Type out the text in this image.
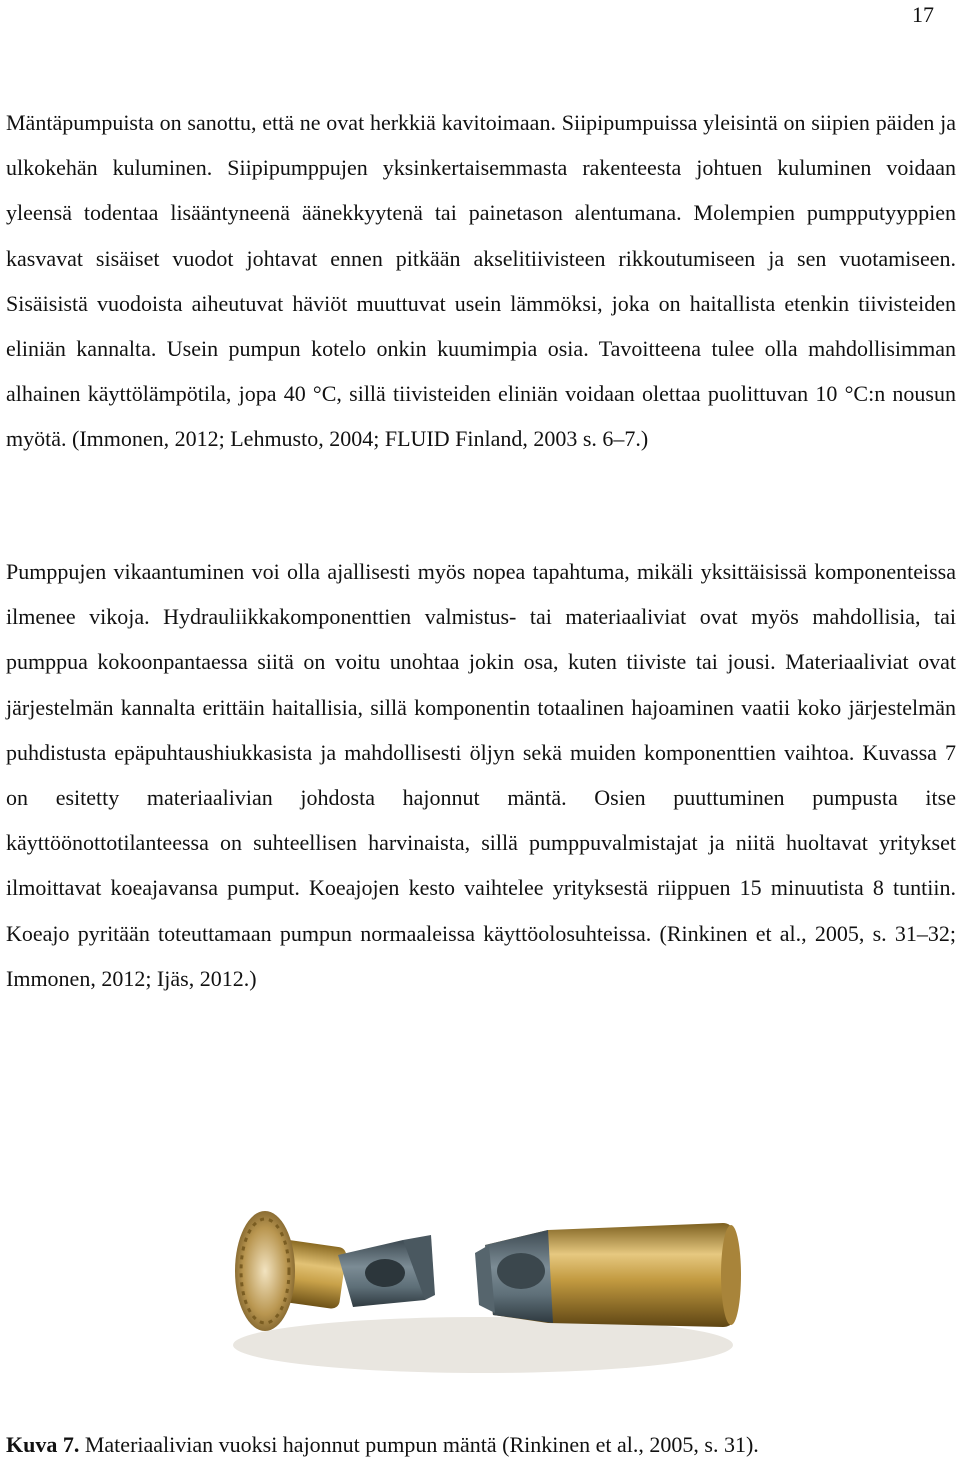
17

Mäntäpumpuista on sanottu, että ne ovat herkkiä kavitoimaan. Siipipumpuissa yleisintä on siipien päiden ja ulkokehän kuluminen. Siipipumppujen yksinkertaisemmasta rakenteesta johtuen kuluminen voidaan yleensä todentaa lisääntyneenä äänekkyytenä tai painetason alentumana. Molempien pumpputyyppien kasvavat sisäiset vuodot johtavat ennen pitkään akselitiivisteen rikkoutumiseen ja sen vuotamiseen. Sisäisistä vuodoista aiheutuvat häviöt muuttuvat usein lämmöksi, joka on haitallista etenkin tiivisteiden eliniän kannalta. Usein pumpun kotelo onkin kuumimpia osia. Tavoitteena tulee olla mahdollisimman alhainen käyttölämpötila, jopa 40 °C, sillä tiivisteiden eliniän voidaan olettaa puolittuvan 10 °C:n nousun myötä. (Immonen, 2012; Lehmusto, 2004; FLUID Finland, 2003 s. 6–7.)

Pumppujen vikaantuminen voi olla ajallisesti myös nopea tapahtuma, mikäli yksittäisissä komponenteissa ilmenee vikoja. Hydrauliikkakomponenttien valmistus- tai materiaaliviat ovat myös mahdollisia, tai pumppua kokoonpantaessa siitä on voitu unohtaa jokin osa, kuten tiiviste tai jousi. Materiaaliviat ovat järjestelmän kannalta erittäin haitallisia, sillä komponentin totaalinen hajoaminen vaatii koko järjestelmän puhdistusta epäpuhtaushiukkasista ja mahdollisesti öljyn sekä muiden komponenttien vaihtoa. Kuvassa 7 on esitetty materiaalivian johdosta hajonnut mäntä. Osien puuttuminen pumpusta itse käyttöönottotilanteessa on suhteellisen harvinaista, sillä pumppuvalmistajat ja niitä huoltavat yritykset ilmoittavat koeajavansa pumput. Koeajojen kesto vaihtelee yrityksestä riippuen 15 minuutista 8 tuntiin. Koeajo pyritään toteuttamaan pumpun normaaleissa käyttöolosuhteissa. (Rinkinen et al., 2005, s. 31–32; Immonen, 2012; Ijäs, 2012.)

Kuva 7. Materiaalivian vuoksi hajonnut pumpun mäntä (Rinkinen et al., 2005, s. 31).
